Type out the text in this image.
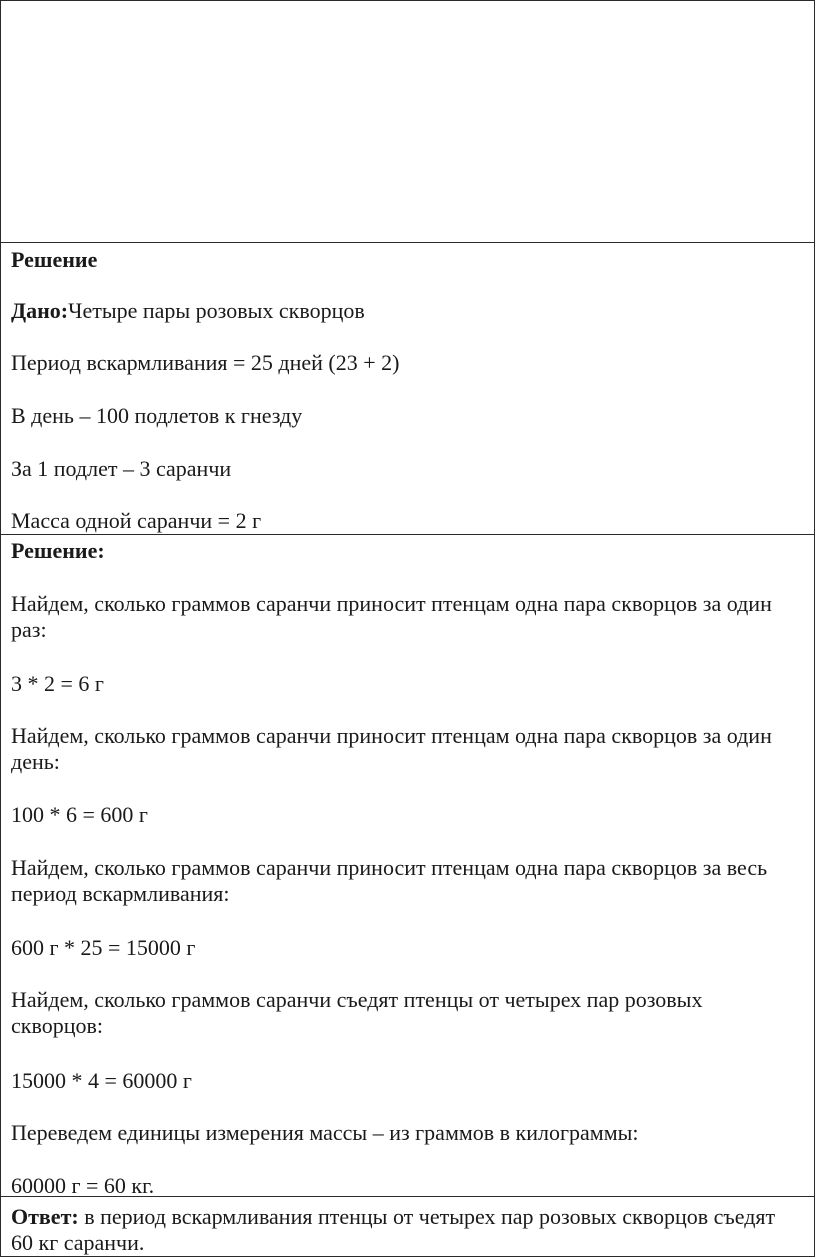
Решение

Дано:Четыре пары розовых скворцов

Период вскармливания = 25 дней (23 + 2)

В день – 100 подлетов к гнезду

За 1 подлет – 3 саранчи

Масса одной саранчи = 2 г

Решение:

Найдем, сколько граммов саранчи приносит птенцам одна пара скворцов за один раз:

3 * 2 = 6 г

Найдем, сколько граммов саранчи приносит птенцам одна пара скворцов за один день:

100 * 6 = 600 г

Найдем, сколько граммов саранчи приносит птенцам одна пара скворцов за весь период вскармливания:

600 г * 25 = 15000 г

Найдем, сколько граммов саранчи съедят птенцы от четырех пар розовых скворцов:

15000 * 4 = 60000 г

Переведем единицы измерения массы – из граммов в килограммы:

60000 г = 60 кг.

Ответ: в период вскармливания птенцы от четырех пар розовых скворцов съедят 60 кг саранчи.
